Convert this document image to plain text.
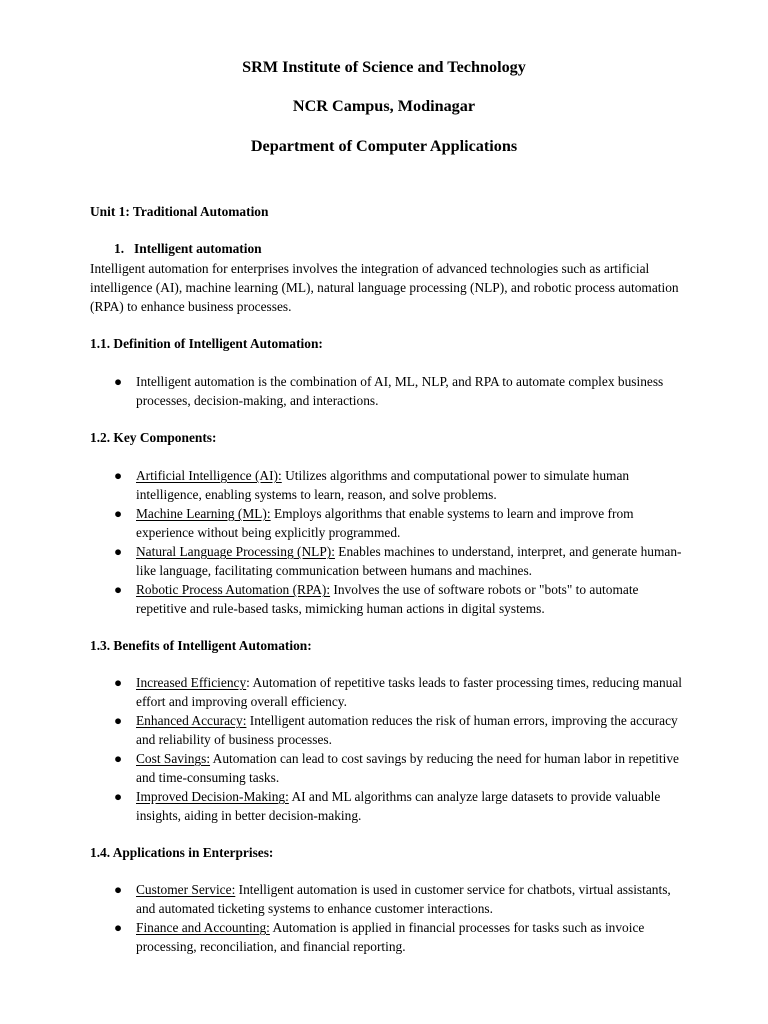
SRM Institute of Science and Technology

NCR Campus, Modinagar

Department of Computer Applications

Unit 1: Traditional Automation

1. Intelligent automation

Intelligent automation for enterprises involves the integration of advanced technologies such as artificial intelligence (AI), machine learning (ML), natural language processing (NLP), and robotic process automation (RPA) to enhance business processes.

1.1. Definition of Intelligent Automation:

● Intelligent automation is the combination of AI, ML, NLP, and RPA to automate complex business processes, decision-making, and interactions.

1.2. Key Components:

● Artificial Intelligence (AI): Utilizes algorithms and computational power to simulate human intelligence, enabling systems to learn, reason, and solve problems.
● Machine Learning (ML): Employs algorithms that enable systems to learn and improve from experience without being explicitly programmed.
● Natural Language Processing (NLP): Enables machines to understand, interpret, and generate human-like language, facilitating communication between humans and machines.
● Robotic Process Automation (RPA): Involves the use of software robots or "bots" to automate repetitive and rule-based tasks, mimicking human actions in digital systems.

1.3. Benefits of Intelligent Automation:

● Increased Efficiency: Automation of repetitive tasks leads to faster processing times, reducing manual effort and improving overall efficiency.
● Enhanced Accuracy: Intelligent automation reduces the risk of human errors, improving the accuracy and reliability of business processes.
● Cost Savings: Automation can lead to cost savings by reducing the need for human labor in repetitive and time-consuming tasks.
● Improved Decision-Making: AI and ML algorithms can analyze large datasets to provide valuable insights, aiding in better decision-making.

1.4. Applications in Enterprises:

● Customer Service: Intelligent automation is used in customer service for chatbots, virtual assistants, and automated ticketing systems to enhance customer interactions.
● Finance and Accounting: Automation is applied in financial processes for tasks such as invoice processing, reconciliation, and financial reporting.
